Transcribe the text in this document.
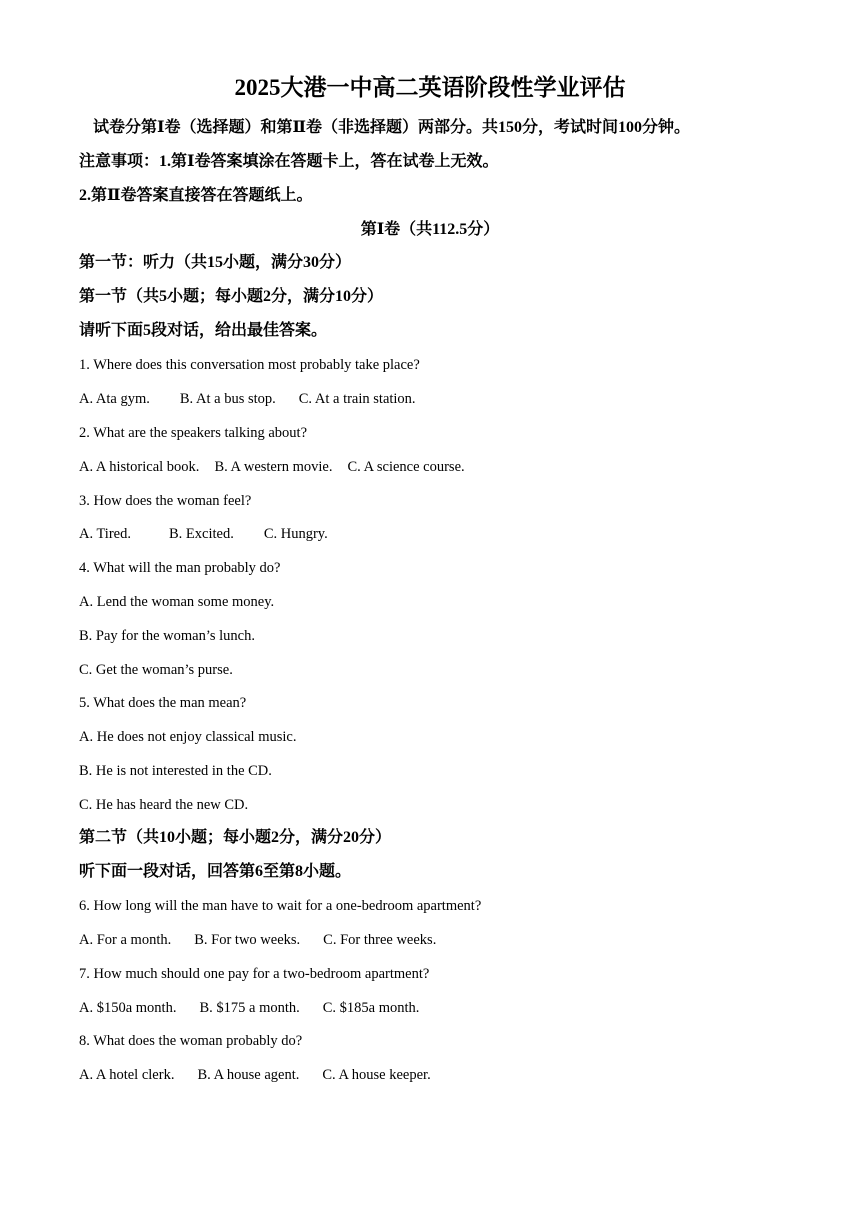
2025大港一中高二英语阶段性学业评估
试卷分第Ⅰ卷（选择题）和第Ⅱ卷（非选择题）两部分。共150分，考试时间100分钟。
注意事项：1.第Ⅰ卷答案填涂在答题卡上，答在试卷上无效。
2.第Ⅱ卷答案直接答在答题纸上。
第Ⅰ卷（共112.5分）
第一节：听力（共15小题，满分30分）
第一节（共5小题；每小题2分，满分10分）
请听下面5段对话，给出最佳答案。
1. Where does this conversation most probably take place?
A. Ata gym. B. At a bus stop. C. At a train station.
2. What are the speakers talking about?
A. A historical book. B. A western movie. C. A science course.
3. How does the woman feel?
A. Tired.	B. Excited. C. Hungry.
4. What will the man probably do?
A. Lend the woman some money.
B. Pay for the woman’s lunch.
C. Get the woman’s purse.
5. What does the man mean?
A. He does not enjoy classical music.
B. He is not interested in the CD.
C. He has heard the new CD.
第二节（共10小题；每小题2分，满分20分）
听下面一段对话，回答第6至第8小题。
6. How long will the man have to wait for a one-bedroom apartment?
A. For a month. B. For two weeks. C. For three weeks.
7. How much should one pay for a two-bedroom apartment?
A. $150a month. B. $175 a month. C. $185a month.
8. What does the woman probably do?
A. A hotel clerk. B. A house agent. C. A house keeper.
